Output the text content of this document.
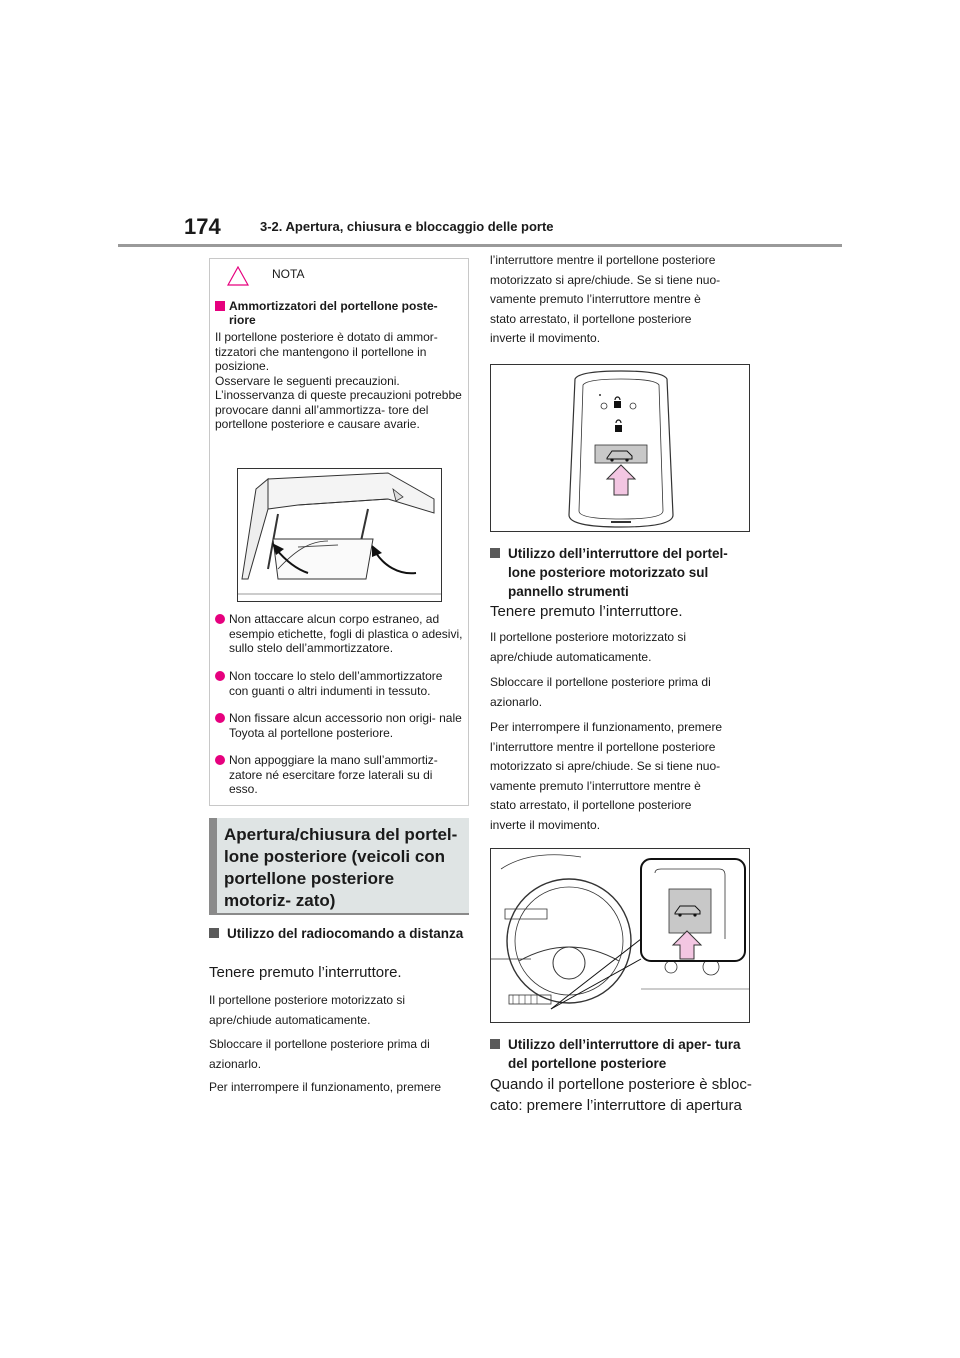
174	3-2. Apertura, chiusura e bloccaggio delle porte
NOTA
Ammortizzatori del portellone poste- riore
Il portellone posteriore è dotato di ammor- tizzatori che mantengono il portellone in posizione.
Osservare le seguenti precauzioni.
L’inosservanza di queste precauzioni potrebbe provocare danni all’ammortizza- tore del portellone posteriore e causare avarie.
Non attaccare alcun corpo estraneo, ad esempio etichette, fogli di plastica o adesivi, sullo stelo dell’ammortizzatore.
Non toccare lo stelo dell’ammortizzatore con guanti o altri indumenti in tessuto.
Non fissare alcun accessorio non origi- nale Toyota al portellone posteriore.
Non appoggiare la mano sull’ammortiz- zatore né esercitare forze laterali su di esso.
Apertura/chiusura del portel- lone posteriore (veicoli con portellone posteriore motoriz- zato)
Utilizzo del radiocomando a distanza
Tenere premuto l’interruttore.
Il portellone posteriore motorizzato si
apre/chiude automaticamente.
Sbloccare il portellone posteriore prima di
azionarlo.
Per interrompere il funzionamento, premere
l’interruttore mentre il portellone posteriore
motorizzato si apre/chiude. Se si tiene nuo-
vamente premuto l’interruttore mentre è
stato arrestato, il portellone posteriore
inverte il movimento.
Utilizzo dell’interruttore del portel- lone posteriore motorizzato sul pannello strumenti
Tenere premuto l’interruttore.
Il portellone posteriore motorizzato si
apre/chiude automaticamente.
Sbloccare il portellone posteriore prima di
azionarlo.
Per interrompere il funzionamento, premere
l’interruttore mentre il portellone posteriore
motorizzato si apre/chiude. Se si tiene nuo-
vamente premuto l’interruttore mentre è
stato arrestato, il portellone posteriore
inverte il movimento.
Utilizzo dell’interruttore di aper- tura del portellone posteriore
Quando il portellone posteriore è sbloc-
cato: premere l’interruttore di apertura
